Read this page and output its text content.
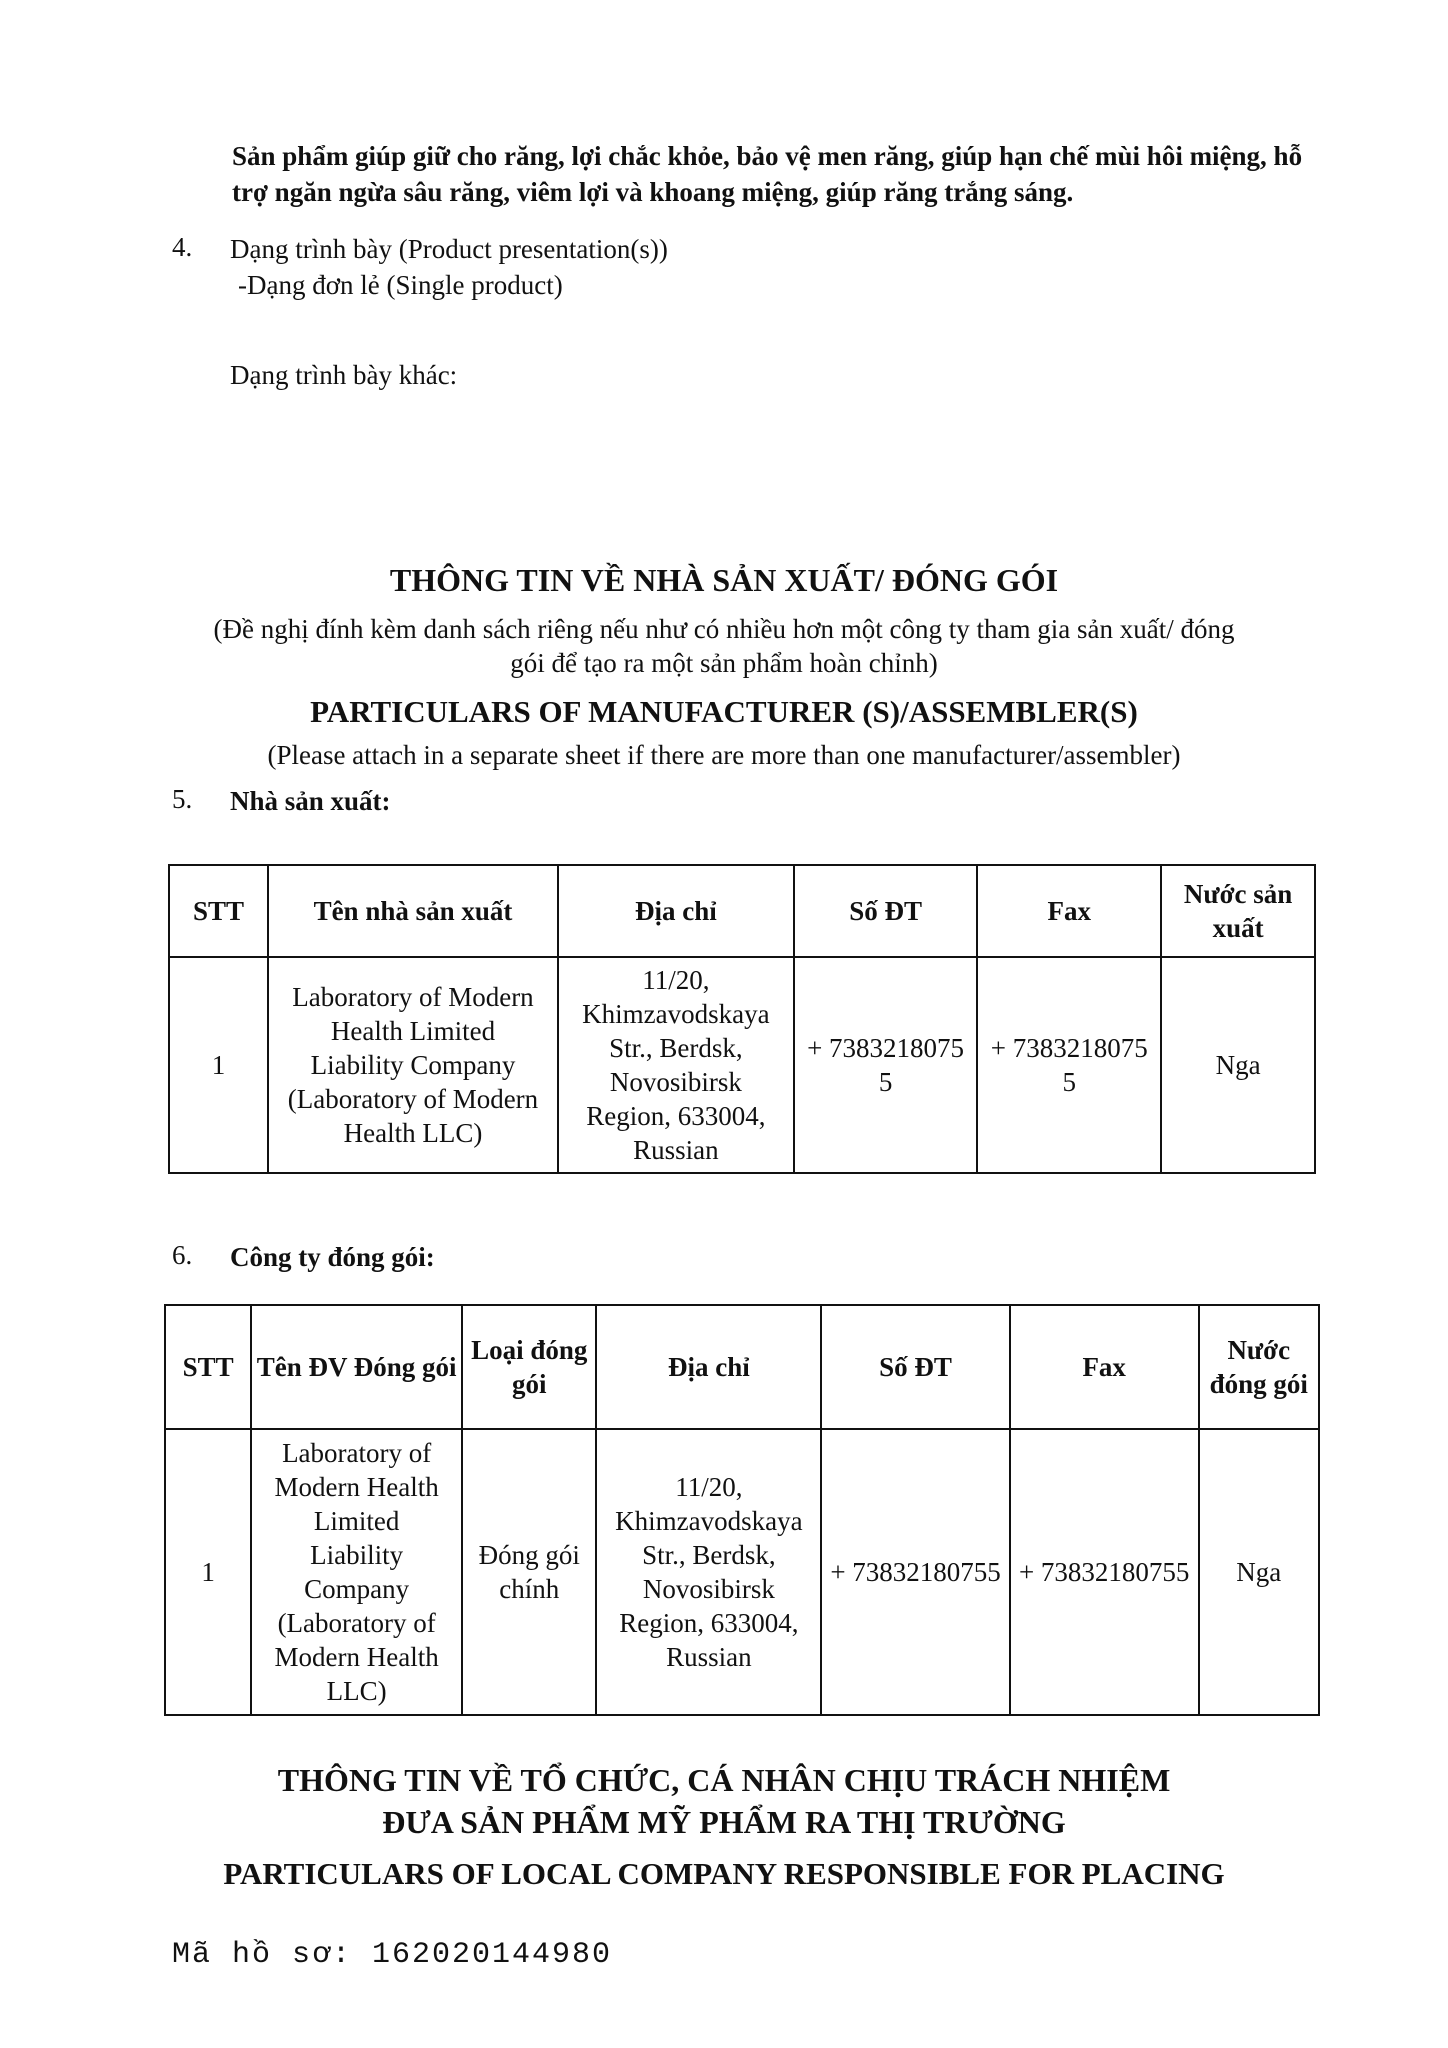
Sản phẩm giúp giữ cho răng, lợi chắc khỏe, bảo vệ men răng, giúp hạn chế mùi hôi miệng, hỗ trợ ngăn ngừa sâu răng, viêm lợi và khoang miệng, giúp răng trắng sáng.
4. Dạng trình bày (Product presentation(s))
-Dạng đơn lẻ (Single product)
Dạng trình bày khác:
THÔNG TIN VỀ NHÀ SẢN XUẤT/ ĐÓNG GÓI
(Đề nghị đính kèm danh sách riêng nếu như có nhiều hơn một công ty tham gia sản xuất/ đóng
gói để tạo ra một sản phẩm hoàn chỉnh)
PARTICULARS OF MANUFACTURER (S)/ASSEMBLER(S)
(Please attach in a separate sheet if there are more than one manufacturer/assembler)
5. Nhà sản xuất:
STT	Tên nhà sản xuất	Địa chỉ	Số ĐT	Fax	Nước sản xuất
1	Laboratory of Modern Health Limited Liability Company (Laboratory of Modern Health LLC)	11/20, Khimzavodskaya Str., Berdsk, Novosibirsk Region, 633004, Russian	+ 73832180755	+ 73832180755	Nga
6. Công ty đóng gói:
STT	Tên ĐV Đóng gói	Loại đóng gói	Địa chỉ	Số ĐT	Fax	Nước đóng gói
1	Laboratory of Modern Health Limited Liability Company (Laboratory of Modern Health LLC)	Đóng gói chính	11/20, Khimzavodskaya Str., Berdsk, Novosibirsk Region, 633004, Russian	+ 73832180755	+ 73832180755	Nga
THÔNG TIN VỀ TỔ CHỨC, CÁ NHÂN CHỊU TRÁCH NHIỆM
ĐƯA SẢN PHẨM MỸ PHẨM RA THỊ TRƯỜNG
PARTICULARS OF LOCAL COMPANY RESPONSIBLE FOR PLACING
Mã hồ sơ: 162020144980
